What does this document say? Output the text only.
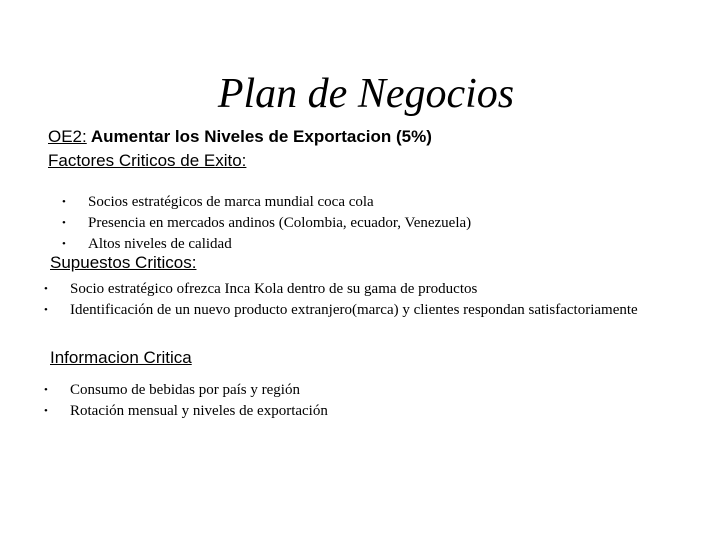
Plan de Negocios
OE2: Aumentar los Niveles de Exportacion (5%)
Factores Criticos de Exito:
• Socios estratégicos de marca mundial coca cola
• Presencia en mercados andinos (Colombia, ecuador, Venezuela)
• Altos niveles de calidad
Supuestos Criticos:
• Socio estratégico ofrezca Inca Kola dentro de su gama de productos
• Identificación de un nuevo producto extranjero(marca) y clientes respondan satisfactoriamente
Informacion Critica
• Consumo de bebidas por país y región
• Rotación mensual y niveles de exportación
